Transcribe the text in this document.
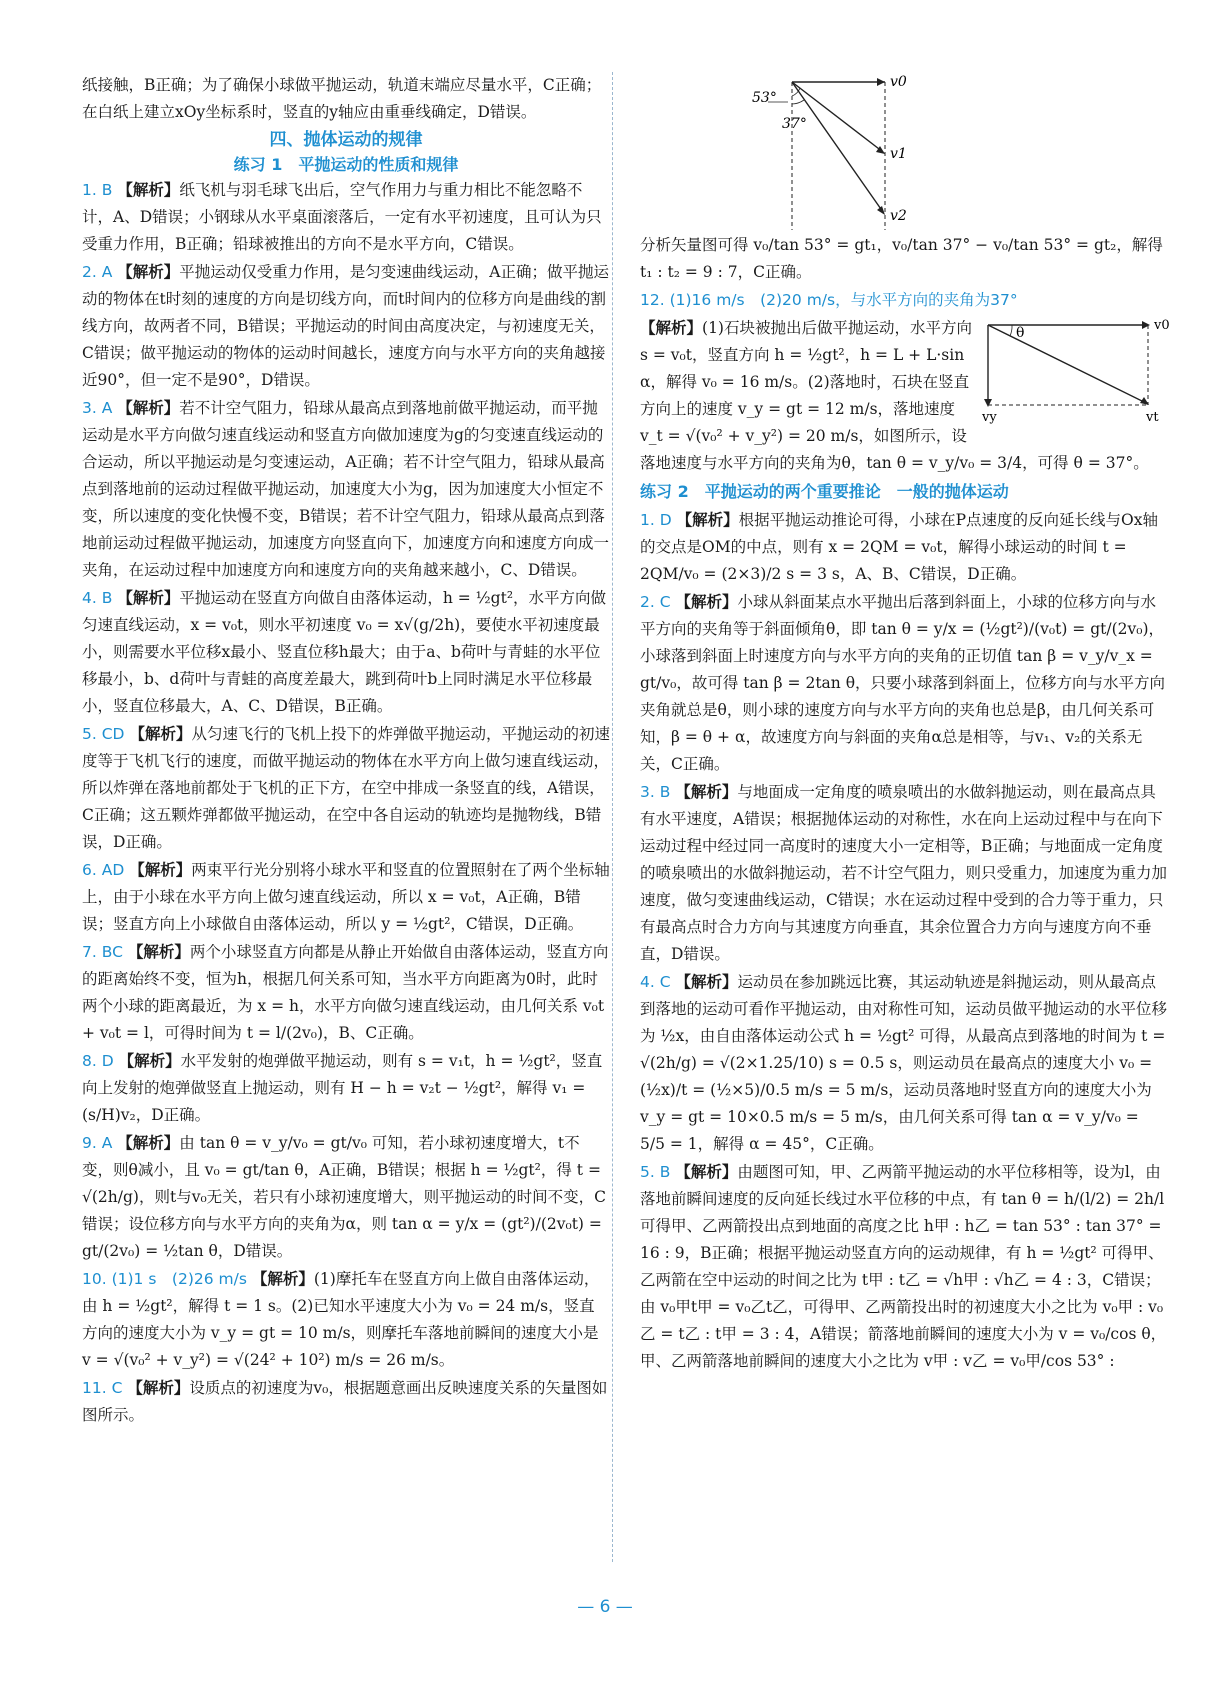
纸接触，B正确；为了确保小球做平抛运动，轨道末端应尽量水平，C正确；在白纸上建立xOy坐标系时，竖直的y轴应由重垂线确定，D错误。
四、抛体运动的规律
练习 1　平抛运动的性质和规律
1. B 【解析】纸飞机与羽毛球飞出后，空气作用力与重力相比不能忽略不计，A、D错误；小钢球从水平桌面滚落后，一定有水平初速度，且可认为只受重力作用，B正确；铅球被推出的方向不是水平方向，C错误。
2. A 【解析】平抛运动仅受重力作用，是匀变速曲线运动，A正确；做平抛运动的物体在t时刻的速度的方向是切线方向，而t时间内的位移方向是曲线的割线方向，故两者不同，B错误；平抛运动的时间由高度决定，与初速度无关，C错误；做平抛运动的物体的运动时间越长，速度方向与水平方向的夹角越接近90°，但一定不是90°，D错误。
3. A 【解析】若不计空气阻力，铅球从最高点到落地前做平抛运动，而平抛运动是水平方向做匀速直线运动和竖直方向做加速度为g的匀变速直线运动的合运动，所以平抛运动是匀变速运动，A正确；若不计空气阻力，铅球从最高点到落地前的运动过程做平抛运动，加速度大小为g，因为加速度大小恒定不变，所以速度的变化快慢不变，B错误；若不计空气阻力，铅球从最高点到落地前运动过程做平抛运动，加速度方向竖直向下，加速度方向和速度方向成一夹角，在运动过程中加速度方向和速度方向的夹角越来越小，C、D错误。
4. B 【解析】平抛运动在竖直方向做自由落体运动，h = ½gt²，水平方向做匀速直线运动，x = v₀t，则水平初速度 v₀ = x√(g/2h)，要使水平初速度最小，则需要水平位移x最小、竖直位移h最大；由于a、b荷叶与青蛙的水平位移最小，b、d荷叶与青蛙的高度差最大，跳到荷叶b上同时满足水平位移最小，竖直位移最大，A、C、D错误，B正确。
5. CD 【解析】从匀速飞行的飞机上投下的炸弹做平抛运动，平抛运动的初速度等于飞机飞行的速度，而做平抛运动的物体在水平方向上做匀速直线运动，所以炸弹在落地前都处于飞机的正下方，在空中排成一条竖直的线，A错误，C正确；这五颗炸弹都做平抛运动，在空中各自运动的轨迹均是抛物线，B错误，D正确。
6. AD 【解析】两束平行光分别将小球水平和竖直的位置照射在了两个坐标轴上，由于小球在水平方向上做匀速直线运动，所以 x = v₀t，A正确，B错误；竖直方向上小球做自由落体运动，所以 y = ½gt²，C错误，D正确。
7. BC 【解析】两个小球竖直方向都是从静止开始做自由落体运动，竖直方向的距离始终不变，恒为h，根据几何关系可知，当水平方向距离为0时，此时两个小球的距离最近，为 x = h，水平方向做匀速直线运动，由几何关系 v₀t + v₀t = l，可得时间为 t = l/(2v₀)，B、C正确。
8. D 【解析】水平发射的炮弹做平抛运动，则有 s = v₁t，h = ½gt²，竖直向上发射的炮弹做竖直上抛运动，则有 H − h = v₂t − ½gt²，解得 v₁ = (s/H)v₂，D正确。
9. A 【解析】由 tan θ = v_y/v₀ = gt/v₀ 可知，若小球初速度增大，t不变，则θ减小，且 v₀ = gt/tan θ，A正确，B错误；根据 h = ½gt²，得 t = √(2h/g)，则t与v₀无关，若只有小球初速度增大，则平抛运动的时间不变，C错误；设位移方向与水平方向的夹角为α，则 tan α = y/x = (gt²)/(2v₀t) = gt/(2v₀) = ½tan θ，D错误。
10. (1)1 s　(2)26 m/s 【解析】(1)摩托车在竖直方向上做自由落体运动，由 h = ½gt²，解得 t = 1 s。(2)已知水平速度大小为 v₀ = 24 m/s，竖直方向的速度大小为 v_y = gt = 10 m/s，则摩托车落地前瞬间的速度大小是 v = √(v₀² + v_y²) = √(24² + 10²) m/s = 26 m/s。
11. C 【解析】设质点的初速度为v₀，根据题意画出反映速度关系的矢量图如图所示。
v0
v1
v2
53°
37°
分析矢量图可得 v₀/tan 53° = gt₁，v₀/tan 37° − v₀/tan 53° = gt₂，解得 t₁ : t₂ = 9 : 7，C正确。
12. (1)16 m/s　(2)20 m/s，与水平方向的夹角为37°
v0
vy	vt
θ
【解析】(1)石块被抛出后做平抛运动，水平方向 s = v₀t，竖直方向 h = ½gt²，h = L + L·sin α，解得 v₀ = 16 m/s。(2)落地时，石块在竖直方向上的速度 v_y = gt = 12 m/s，落地速度 v_t = √(v₀² + v_y²) = 20 m/s，如图所示，设落地速度与水平方向的夹角为θ，tan θ = v_y/v₀ = 3/4，可得 θ = 37°。
练习 2　平抛运动的两个重要推论　一般的抛体运动
1. D 【解析】根据平抛运动推论可得，小球在P点速度的反向延长线与Ox轴的交点是OM的中点，则有 x = 2QM = v₀t，解得小球运动的时间 t = 2QM/v₀ = (2×3)/2 s = 3 s，A、B、C错误，D正确。
2. C 【解析】小球从斜面某点水平抛出后落到斜面上，小球的位移方向与水平方向的夹角等于斜面倾角θ，即 tan θ = y/x = (½gt²)/(v₀t) = gt/(2v₀)，小球落到斜面上时速度方向与水平方向的夹角的正切值 tan β = v_y/v_x = gt/v₀，故可得 tan β = 2tan θ，只要小球落到斜面上，位移方向与水平方向夹角就总是θ，则小球的速度方向与水平方向的夹角也总是β，由几何关系可知，β = θ + α，故速度方向与斜面的夹角α总是相等，与v₁、v₂的关系无关，C正确。
3. B 【解析】与地面成一定角度的喷泉喷出的水做斜抛运动，则在最高点具有水平速度，A错误；根据抛体运动的对称性，水在向上运动过程中与在向下运动过程中经过同一高度时的速度大小一定相等，B正确；与地面成一定角度的喷泉喷出的水做斜抛运动，若不计空气阻力，则只受重力，加速度为重力加速度，做匀变速曲线运动，C错误；水在运动过程中受到的合力等于重力，只有最高点时合力方向与其速度方向垂直，其余位置合力方向与速度方向不垂直，D错误。
4. C 【解析】运动员在参加跳远比赛，其运动轨迹是斜抛运动，则从最高点到落地的运动可看作平抛运动，由对称性可知，运动员做平抛运动的水平位移为 ½x，由自由落体运动公式 h = ½gt² 可得，从最高点到落地的时间为 t = √(2h/g) = √(2×1.25/10) s = 0.5 s，则运动员在最高点的速度大小 v₀ = (½x)/t = (½×5)/0.5 m/s = 5 m/s，运动员落地时竖直方向的速度大小为 v_y = gt = 10×0.5 m/s = 5 m/s，由几何关系可得 tan α = v_y/v₀ = 5/5 = 1，解得 α = 45°，C正确。
5. B 【解析】由题图可知，甲、乙两箭平抛运动的水平位移相等，设为l，由落地前瞬间速度的反向延长线过水平位移的中点，有 tan θ = h/(l/2) = 2h/l 可得甲、乙两箭投出点到地面的高度之比 h甲 : h乙 = tan 53° : tan 37° = 16 : 9，B正确；根据平抛运动竖直方向的运动规律，有 h = ½gt² 可得甲、乙两箭在空中运动的时间之比为 t甲 : t乙 = √h甲 : √h乙 = 4 : 3，C错误；由 v₀甲t甲 = v₀乙t乙，可得甲、乙两箭投出时的初速度大小之比为 v₀甲 : v₀乙 = t乙 : t甲 = 3 : 4，A错误；箭落地前瞬间的速度大小为 v = v₀/cos θ，甲、乙两箭落地前瞬间的速度大小之比为 v甲 : v乙 = v₀甲/cos 53° :
— 6 —
